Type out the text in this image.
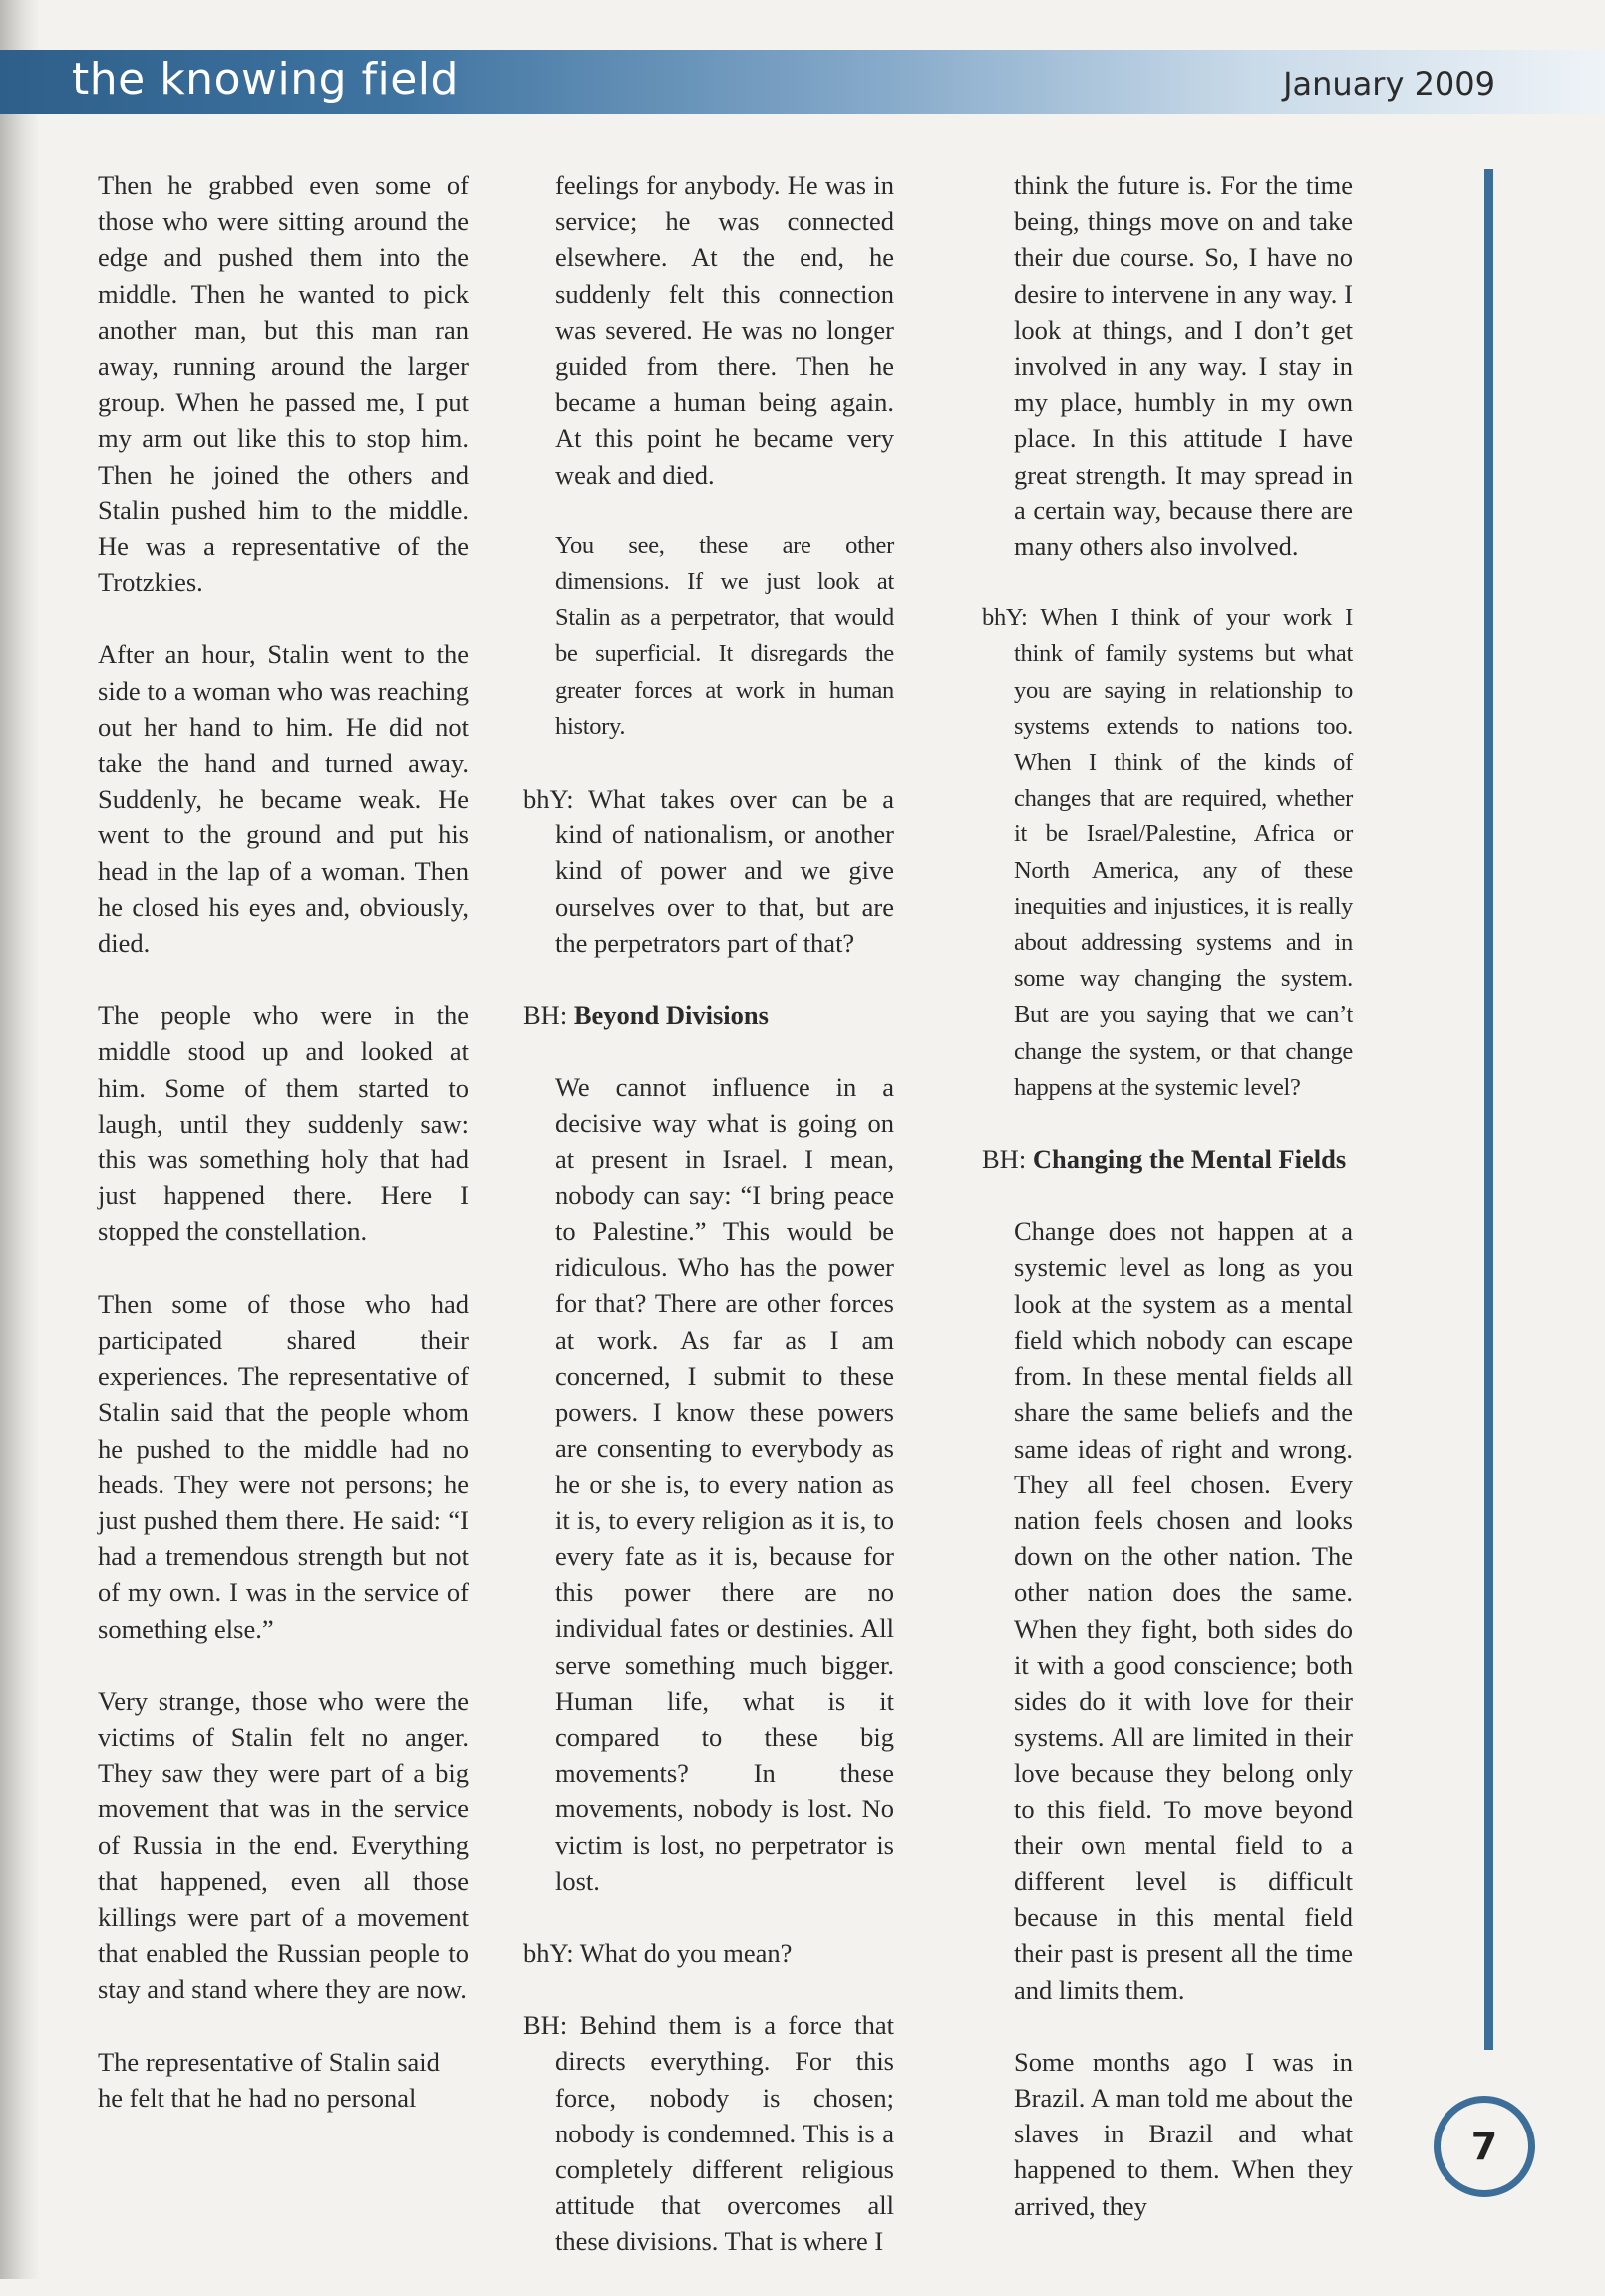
the knowing field	January 2009

Then he grabbed even some of those who were sitting around the edge and pushed them into the middle. Then he wanted to pick another man, but this man ran away, running around the larger group. When he passed me, I put my arm out like this to stop him. Then he joined the others and Stalin pushed him to the middle. He was a representative of the Trotzkies.

After an hour, Stalin went to the side to a woman who was reaching out her hand to him. He did not take the hand and turned away. Suddenly, he became weak. He went to the ground and put his head in the lap of a woman. Then he closed his eyes and, obviously, died.

The people who were in the middle stood up and looked at him. Some of them started to laugh, until they suddenly saw: this was something holy that had just happened there. Here I stopped the constellation.

Then some of those who had participated shared their experiences. The representative of Stalin said that the people whom he pushed to the middle had no heads. They were not persons; he just pushed them there. He said: “I had a tremendous strength but not of my own. I was in the service of something else.”

Very strange, those who were the victims of Stalin felt no anger. They saw they were part of a big movement that was in the service of Russia in the end. Everything that happened, even all those killings were part of a movement that enabled the Russian people to stay and stand where they are now.

The representative of Stalin said he felt that he had no personal

feelings for anybody. He was in service; he was connected elsewhere. At the end, he suddenly felt this connection was severed. He was no longer guided from there. Then he became a human being again. At this point he became very weak and died.

You see, these are other dimensions. If we just look at Stalin as a perpetrator, that would be superficial. It disregards the greater forces at work in human history.

bhY: What takes over can be a kind of nationalism, or another kind of power and we give ourselves over to that, but are the perpetrators part of that?

BH: Beyond Divisions

We cannot influence in a decisive way what is going on at present in Israel. I mean, nobody can say: “I bring peace to Palestine.” This would be ridiculous. Who has the power for that? There are other forces at work. As far as I am concerned, I submit to these powers. I know these powers are consenting to everybody as he or she is, to every nation as it is, to every religion as it is, to every fate as it is, because for this power there are no individual fates or destinies. All serve something much bigger. Human life, what is it compared to these big movements? In these movements, nobody is lost. No victim is lost, no perpetrator is lost.

bhY: What do you mean?

BH: Behind them is a force that directs everything. For this force, nobody is chosen; nobody is condemned. This is a completely different religious attitude that overcomes all these divisions. That is where I

think the future is. For the time being, things move on and take their due course. So, I have no desire to intervene in any way. I look at things, and I don’t get involved in any way. I stay in my place, humbly in my own place. In this attitude I have great strength. It may spread in a certain way, because there are many others also involved.

bhY: When I think of your work I think of family systems but what you are saying in relationship to systems extends to nations too. When I think of the kinds of changes that are required, whether it be Israel/Palestine, Africa or North America, any of these inequities and injustices, it is really about addressing systems and in some way changing the system. But are you saying that we can’t change the system, or that change happens at the systemic level?

BH: Changing the Mental Fields

Change does not happen at a systemic level as long as you look at the system as a mental field which nobody can escape from. In these mental fields all share the same beliefs and the same ideas of right and wrong. They all feel chosen. Every nation feels chosen and looks down on the other nation. The other nation does the same. When they fight, both sides do it with a good conscience; both sides do it with love for their systems. All are limited in their love because they belong only to this field. To move beyond their own mental field to a different level is difficult because in this mental field their past is present all the time and limits them.

Some months ago I was in Brazil. A man told me about the slaves in Brazil and what happened to them. When they arrived, they

7
